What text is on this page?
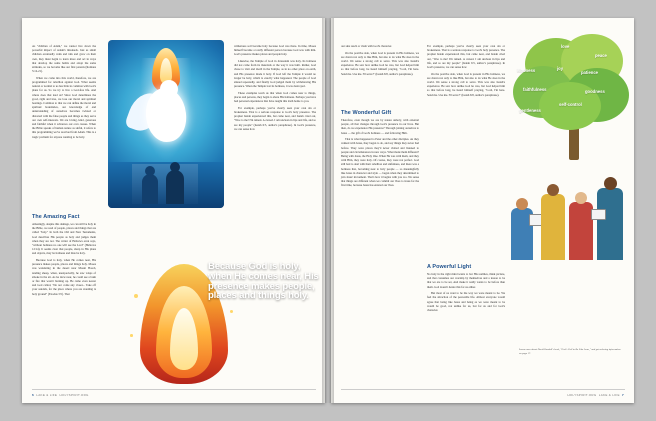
As "children of Adam," we cannot live down the powerful impact of Adam's misdeeds. Just as small children eventually walk and talk and grow on their own, they must begin to learn more and act in ways that develop the same habits and adopt the same attitudes, so we become like our first parents (Romans 5:12-21).

When we come into this world, therefore, we are programmed for rebellion against God. What seems natural or normal to us has little in common with God's plans for us. So we try to live a God-free life. And where does that lead us? Since God determines the good, right and true, we lose our moral and spiritual bearings. Common to that we can define the moral and spiritual boundaries, our knowledge of and understanding of ourselves becomes twisted or distorted with the false people and things as they serve our own self-interests. We are loving, kind, generous and faithful when it advances our own causes. When the Bible speaks of human nature as sinful, it refers to this programming we've received from Adam. This is a tragic problem for anyone wanting to be holy.

The Amazing Fact

Amazingly, despite this damage, we can still be holy in the Bible, we read of people, places and things that are called "holy." In both the Old and New Testaments, God describes His people as holy and judges them when they are not. The writer of Hebrews even says, "without holiness no one will see the Lord" (Hebrews 12:14). It seems clear that people, sharp in His plans and objects, may be holiness and thus be holy.

Because God is holy, when He comes near, His presence makes people, places and things holy. Moses was wandering in the desert near Mount Horeb, tending sheep, when, unexpectedly, he saw wisps of smoke in the air. As he drew near, he could see a bush or fire that wasn't burning up. He came even nearer and God called, "Do not come any closer... Take off your sandals, for the place where you are standing is holy ground" (Exodus 3:5). That

wilderness soil became holy because God was there. In time, Moses himself became a totally different person because God was with him. God's presence makes places and people holy.

Likewise, the Temple of God in Jerusalem was holy. Its holiness did not come from its materials or the way it was built. Rather, God chose to visit and dwell in the Temple, as in no other place on earth, and His presence made it holy. If God left the Temple it would no longer be holy, which is exactly what happened. The people of God sinned repeatedly, and finally God judged them by withdrawing His presence. When the Temple lost its holiness, it was destroyed.

These examples teach us that when God comes near to things, places and persons, they begin to share His holiness. Perhaps you have had personal experiences that have taught this truth home to you.

For example, perhaps you've clearly seen your own sin or brokenness. That is a serious response to God's holy presence. The prophet Isaiah experienced this, but came near, and Isaiah cried out, "Woe to me! I'm ruined. A cursed. I am unclean in lips and life, and so are my people" (Isaiah 6:5, author's paraphrase). In God's presence, we can sense how

6 LAKE & LIFE HOLYSPIRIT.ORG

our sins reach or clash with God's character.

On the positive side, when God is present in His holiness, we are drawn not only to like Him, but also to do what He does in the world. We sense a strong call to serve. This was also Isaiah's experience. He saw how unlike God he was, but God helped him so that before long, he heard himself praying, "Lord, I'm here. Send me. Use me. I'll serve!" (Isaiah 6:8, author's paraphrase).

The Wonderful Gift

Therefore, even though we are by nature unholy, with external people, all that changes through God's presence in our lives. But then, do we experience His presence? Through joining ourselves to Jesus — the gift of God's holiness — and following Him.

That is what happened to Peter and the other disciples. As they walked with Jesus, they began to do, and say things they never had before. They were places they'd never visited and listened to people and circumstances in new ways. What made them different? Being with Jesus, the Holy One. When He was with them, and they with Him, they were holy. Of course, they were not perfect. God still had to deal with their rebellion and sinfulness, and there was a holiness that, becoming near to holy people — so meaningfully like Jesus in character and style — began when they determined to join Jesus' movement. That's how it begins with you too. We sense that things are different when we commit our lives to Jesus for the first time, because Jesus has entered our lives.

A Powerful Light

No holy in the right mind wants to bar His realities, think picture, and that consumes our worship by themselves and a lesson to be that we are to be set, And make it really wants to be before than them. God doesn't desire this for us either.

But most of us want to be the way we were meant to be. We feel the attraction of the peaceable life. Almost everyone would agree that being like Jesus and being as we were meant to be would be good, not unlike for us, but for us and for God's character.

For example, perhaps you've clearly seen your own sin or brokenness. That is a serious response to God's holy presence. The prophet Isaiah experienced this, but came near, and Isaiah cried out, "Woe to me! I'm ruined. A cursed. I am unclean in lips and life, and so are my people" (Isaiah 6:5, author's paraphrase). In God's presence, we can sense how

On the positive side, when God is present in His holiness, we are drawn not only to like Him, but also to do what He does in the world. We sense a strong call to serve. This was also Isaiah's experience. He saw how unlike God he was, but God helped him so that before long, he heard himself praying, "Lord, I'm here. Send me. Use me. I'll serve!" (Isaiah 6:8, author's paraphrase).

love
peace
kindness	joy
patience
faithfulness	goodness
gentleness
self-control
Learn more about David Kendall's book, "God's Call to Be Like Jesus," and get ordering information on page 17.
HOLYSPIRIT.ORG LAKE & LIFE 7
Because God is holy, when He comes near, His presence makes people, places and things holy.
